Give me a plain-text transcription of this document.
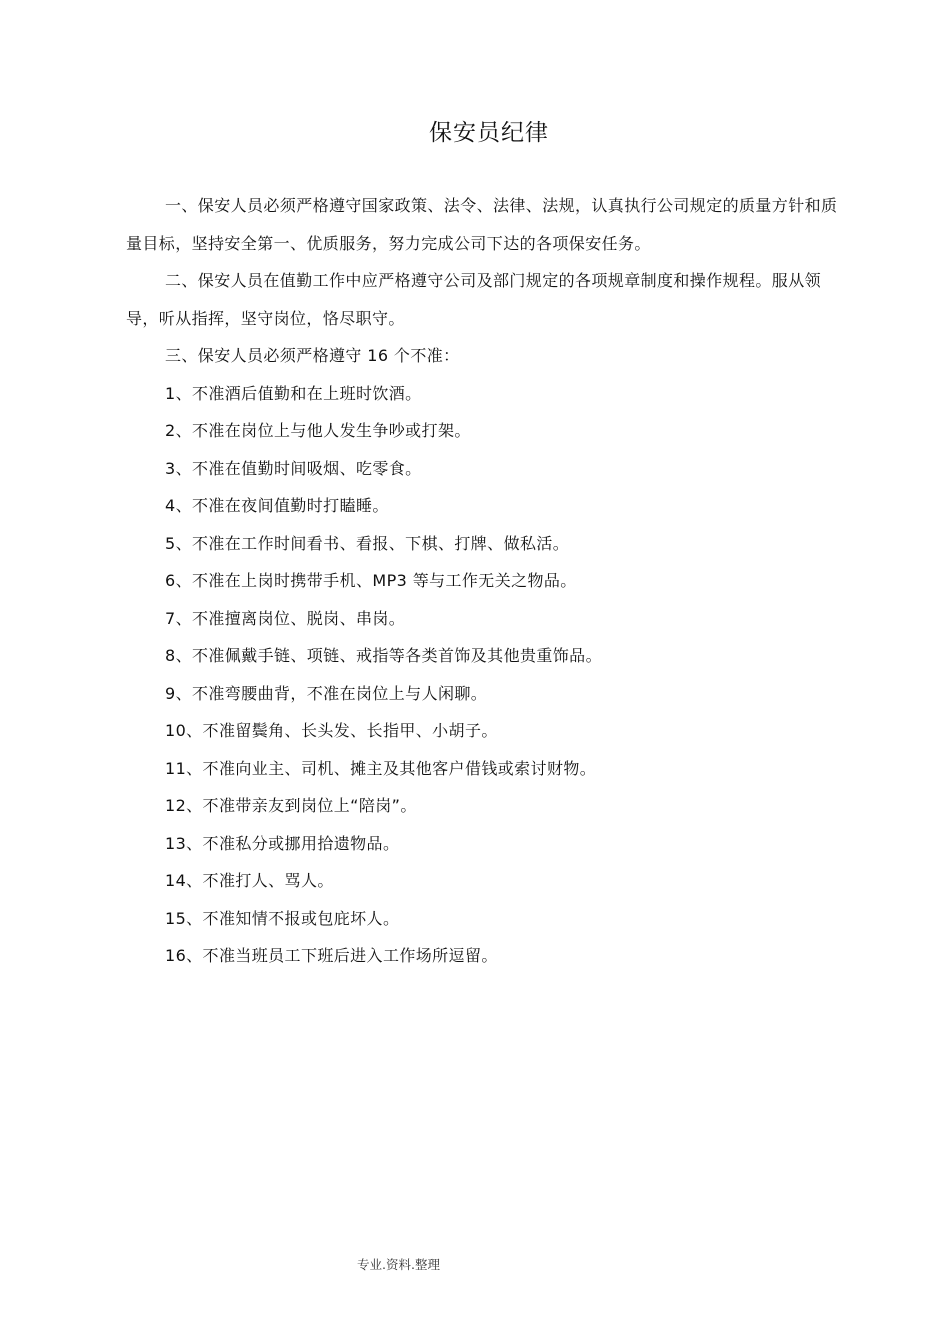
保安员纪律

一、保安人员必须严格遵守国家政策、法令、法律、法规，认真执行公司规定的质量方针和质量目标，坚持安全第一、优质服务，努力完成公司下达的各项保安任务。

二、保安人员在值勤工作中应严格遵守公司及部门规定的各项规章制度和操作规程。服从领导，听从指挥，坚守岗位，恪尽职守。

三、保安人员必须严格遵守 16 个不准：

1、不准酒后值勤和在上班时饮酒。
2、不准在岗位上与他人发生争吵或打架。
3、不准在值勤时间吸烟、吃零食。
4、不准在夜间值勤时打瞌睡。
5、不准在工作时间看书、看报、下棋、打牌、做私活。
6、不准在上岗时携带手机、MP3 等与工作无关之物品。
7、不准擅离岗位、脱岗、串岗。
8、不准佩戴手链、项链、戒指等各类首饰及其他贵重饰品。
9、不准弯腰曲背，不准在岗位上与人闲聊。
10、不准留鬓角、长头发、长指甲、小胡子。
11、不准向业主、司机、摊主及其他客户借钱或索讨财物。
12、不准带亲友到岗位上“陪岗”。
13、不准私分或挪用拾遗物品。
14、不准打人、骂人。
15、不准知情不报或包庇坏人。
16、不准当班员工下班后进入工作场所逗留。
专业.资料.整理
